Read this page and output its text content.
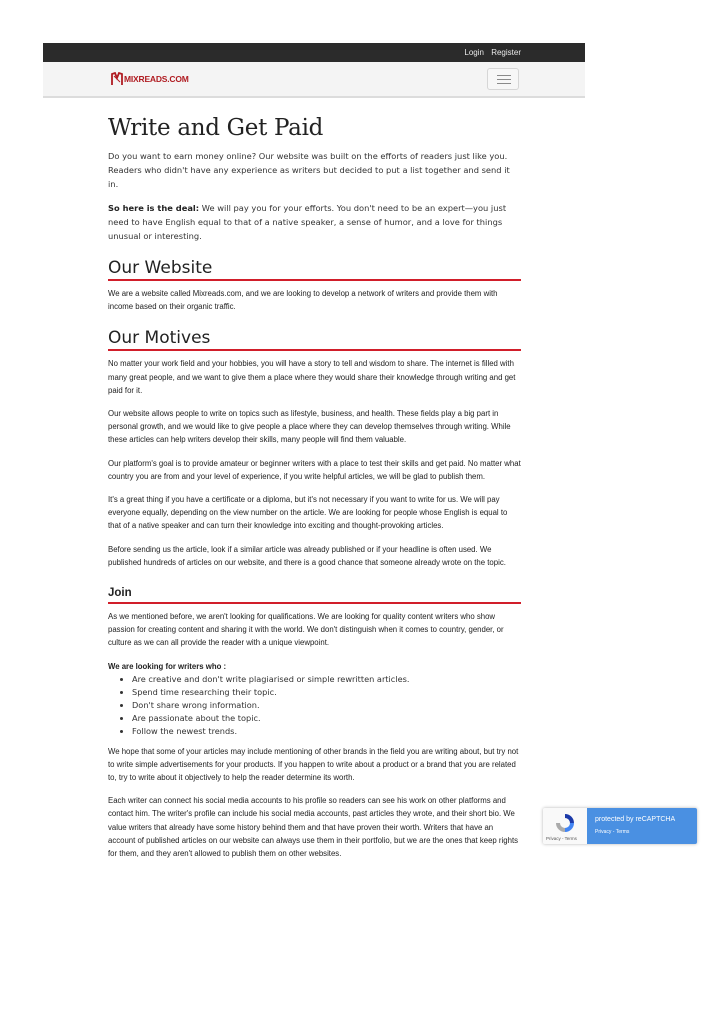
Login Register
MIXREADS.COM
Write and Get Paid

Do you want to earn money online? Our website was built on the efforts of readers just like you. Readers who didn't have any experience as writers but decided to put a list together and send it in.

So here is the deal: We will pay you for your efforts. You don't need to be an expert—you just need to have English equal to that of a native speaker, a sense of humor, and a love for things unusual or interesting.

Our Website

We are a website called Mixreads.com, and we are looking to develop a network of writers and provide them with income based on their organic traffic.

Our Motives

No matter your work field and your hobbies, you will have a story to tell and wisdom to share. The internet is filled with many great people, and we want to give them a place where they would share their knowledge through writing and get paid for it.

Our website allows people to write on topics such as lifestyle, business, and health. These fields play a big part in personal growth, and we would like to give people a place where they can develop themselves through writing. While these articles can help writers develop their skills, many people will find them valuable.

Our platform's goal is to provide amateur or beginner writers with a place to test their skills and get paid. No matter what country you are from and your level of experience, if you write helpful articles, we will be glad to publish them.

It's a great thing if you have a certificate or a diploma, but it's not necessary if you want to write for us. We will pay everyone equally, depending on the view number on the article. We are looking for people whose English is equal to that of a native speaker and can turn their knowledge into exciting and thought-provoking articles.

Before sending us the article, look if a similar article was already published or if your headline is often used. We published hundreds of articles on our website, and there is a good chance that someone already wrote on the topic.

Join

As we mentioned before, we aren't looking for qualifications. We are looking for quality content writers who show passion for creating content and sharing it with the world. We don't distinguish when it comes to country, gender, or culture as we can all provide the reader with a unique viewpoint.

We are looking for writers who :

• Are creative and don't write plagiarised or simple rewritten articles.
• Spend time researching their topic.
• Don't share wrong information.
• Are passionate about the topic.
• Follow the newest trends.

We hope that some of your articles may include mentioning of other brands in the field you are writing about, but try not to write simple advertisements for your products. If you happen to write about a product or a brand that you are related to, try to write about it objectively to help the reader determine its worth.

Each writer can connect his social media accounts to his profile so readers can see his work on other platforms and contact him. The writer's profile can include his social media accounts, past articles they wrote, and their short bio. We value writers that already have some history behind them and that have proven their worth. Writers that have an account of published articles on our website can always use them in their portfolio, but we are the ones that keep rights for them, and they aren't allowed to publish them on other websites.

Privacy - Terms
protected by reCAPTCHA
Privacy - Terms
